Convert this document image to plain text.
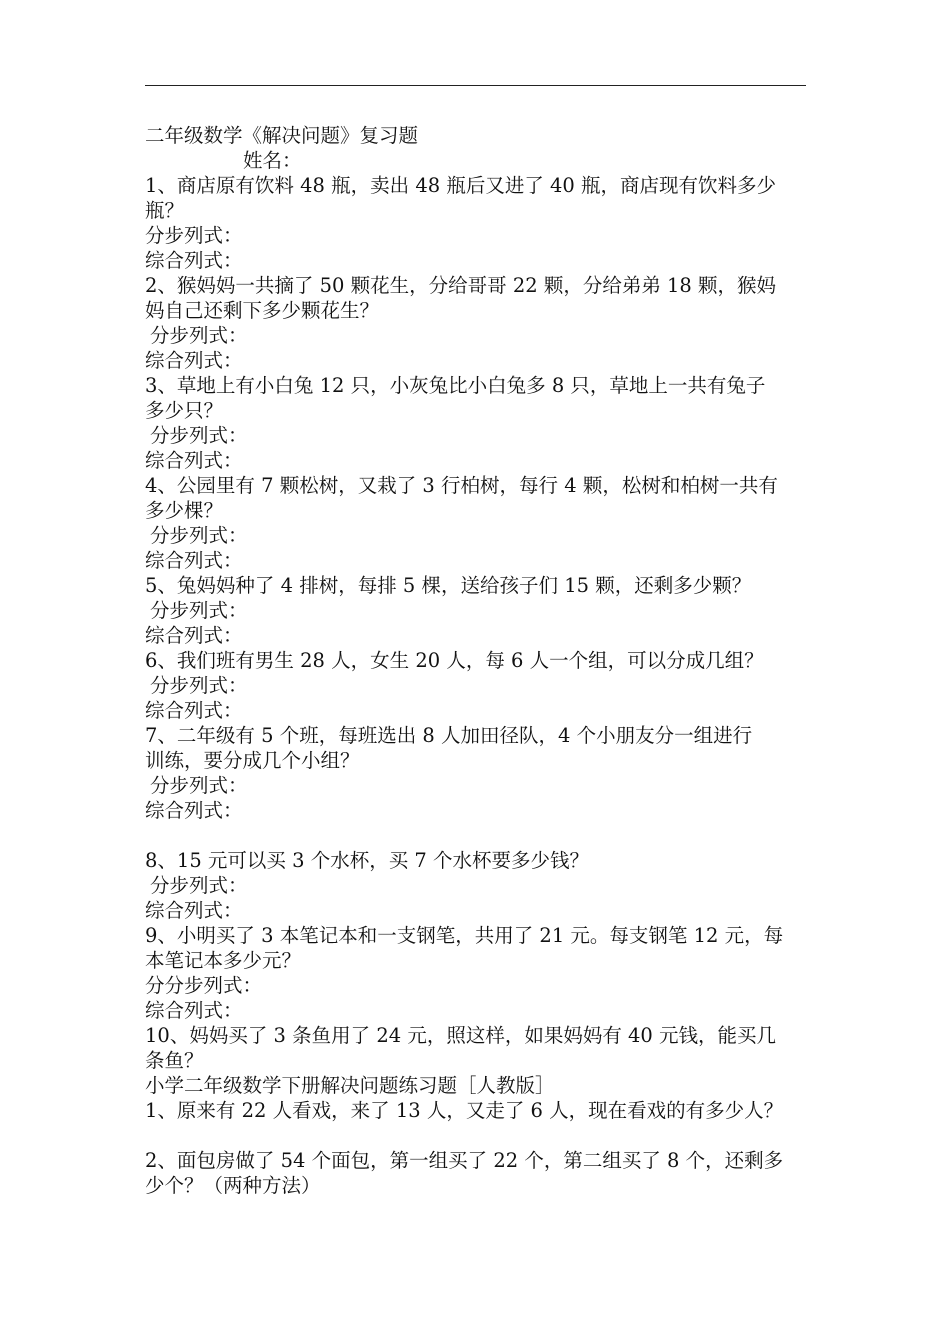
二年级数学《解决问题》复习题
姓名：
1、商店原有饮料 48 瓶，卖出 48 瓶后又进了 40 瓶，商店现有饮料多少
瓶？
分步列式：
综合列式：
2、猴妈妈一共摘了 50 颗花生，分给哥哥 22 颗，分给弟弟 18 颗，猴妈
妈自己还剩下多少颗花生？
分步列式：
综合列式：
3、草地上有小白兔 12 只，小灰兔比小白兔多 8 只，草地上一共有兔子
多少只？
分步列式：
综合列式：
4、公园里有 7 颗松树，又栽了 3 行柏树，每行 4 颗，松树和柏树一共有
多少棵？
分步列式：
综合列式：
5、兔妈妈种了 4 排树，每排 5 棵，送给孩子们 15 颗，还剩多少颗？
分步列式：
综合列式：
6、我们班有男生 28 人，女生 20 人，每 6 人一个组，可以分成几组？
分步列式：
综合列式：
7、二年级有 5 个班，每班选出 8 人加田径队，4 个小朋友分一组进行
训练，要分成几个小组？
分步列式：
综合列式：
8、15 元可以买 3 个水杯，买 7 个水杯要多少钱？
分步列式：
综合列式：
9、小明买了 3 本笔记本和一支钢笔，共用了 21 元。每支钢笔 12 元，每
本笔记本多少元？
分分步列式：
综合列式：
10、妈妈买了 3 条鱼用了 24 元，照这样，如果妈妈有 40 元钱，能买几
条鱼？
小学二年级数学下册解决问题练习题［人教版］
1、原来有 22 人看戏，来了 13 人，又走了 6 人，现在看戏的有多少人？
2、面包房做了 54 个面包，第一组买了 22 个，第二组买了 8 个，还剩多
少个？（两种方法）
